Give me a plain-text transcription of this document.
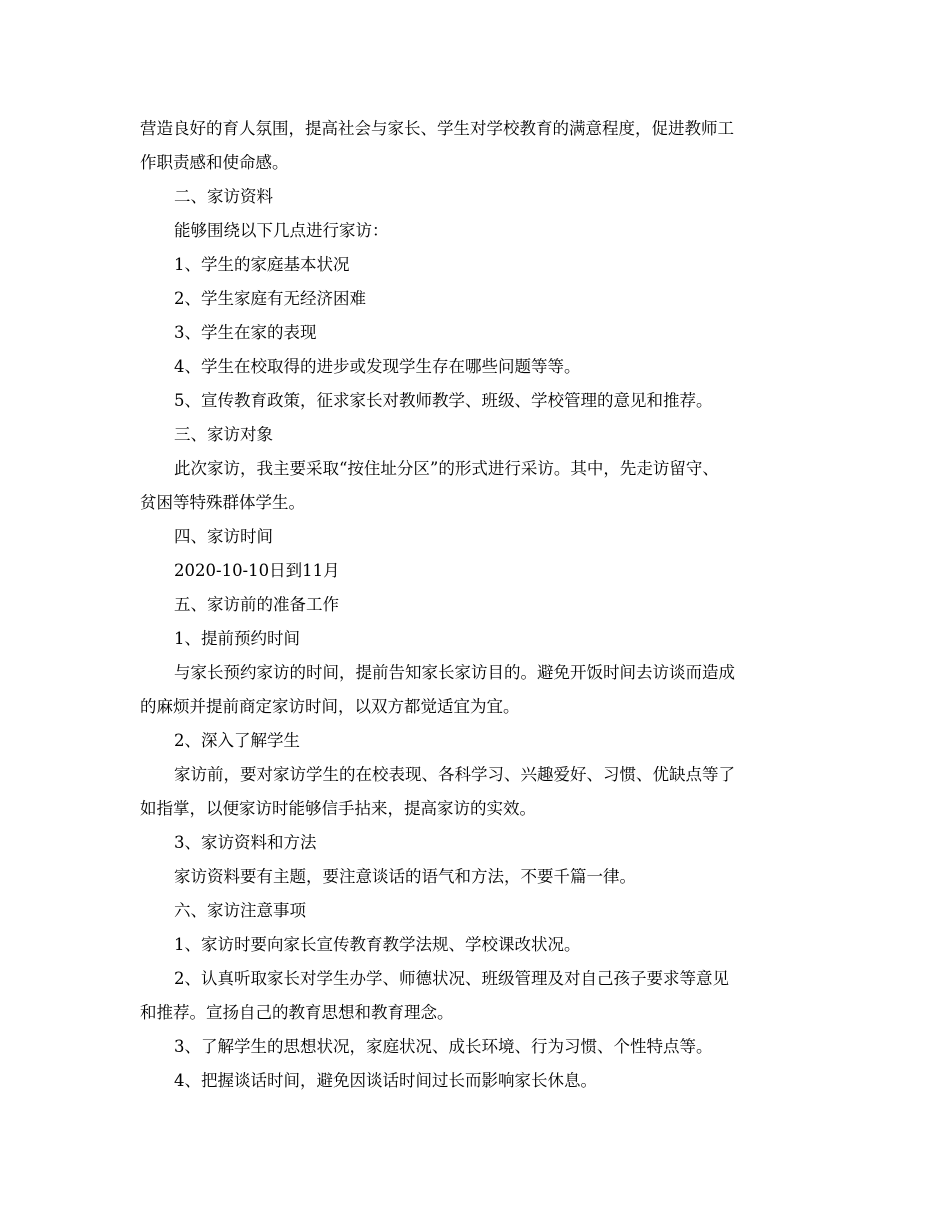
营造良好的育人氛围，提高社会与家长、学生对学校教育的满意程度，促进教师工
作职责感和使命感。
二、家访资料
能够围绕以下几点进行家访：
1、学生的家庭基本状况
2、学生家庭有无经济困难
3、学生在家的表现
4、学生在校取得的进步或发现学生存在哪些问题等等。
5、宣传教育政策，征求家长对教师教学、班级、学校管理的意见和推荐。
三、家访对象
此次家访，我主要采取“按住址分区”的形式进行采访。其中，先走访留守、
贫困等特殊群体学生。
四、家访时间
2020-10-10日到11月
五、家访前的准备工作
1、提前预约时间
与家长预约家访的时间，提前告知家长家访目的。避免开饭时间去访谈而造成
的麻烦并提前商定家访时间，以双方都觉适宜为宜。
2、深入了解学生
家访前，要对家访学生的在校表现、各科学习、兴趣爱好、习惯、优缺点等了
如指掌，以便家访时能够信手拈来，提高家访的实效。
3、家访资料和方法
家访资料要有主题，要注意谈话的语气和方法，不要千篇一律。
六、家访注意事项
1、家访时要向家长宣传教育教学法规、学校课改状况。
2、认真听取家长对学生办学、师德状况、班级管理及对自己孩子要求等意见
和推荐。宣扬自己的教育思想和教育理念。
3、了解学生的思想状况，家庭状况、成长环境、行为习惯、个性特点等。
4、把握谈话时间，避免因谈话时间过长而影响家长休息。
